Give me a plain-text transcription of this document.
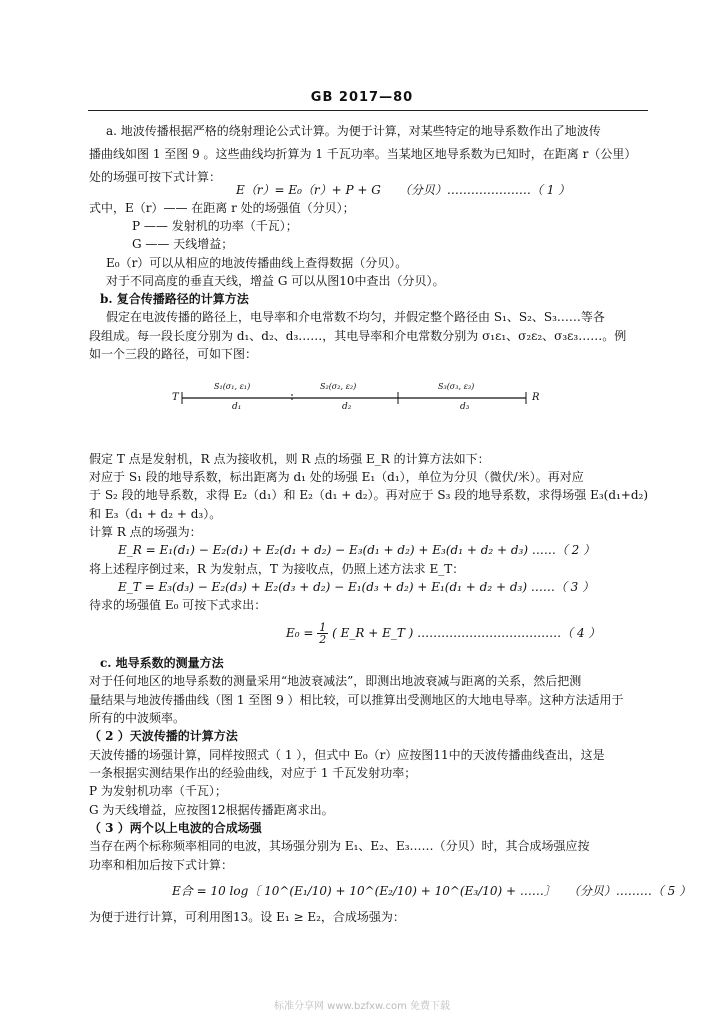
GB 2017—80
a. 地波传播根据严格的绕射理论公式计算。为便于计算，对某些特定的地导系数作出了地波传
播曲线如图 1 至图 9 。这些曲线均折算为 1 千瓦功率。当某地区地导系数为已知时，在距离 r（公里）
处的场强可按下式计算：
E（r）= E₀（r）+ P + G　　（分贝）…………………（ 1 ）
式中，E（r）—— 在距离 r 处的场强值（分贝）；
P —— 发射机的功率（千瓦）；
G —— 天线增益；
E₀（r）可以从相应的地波传播曲线上查得数据（分贝）。
对于不同高度的垂直天线，增益 G 可以从图10中查出（分贝）。
b. 复合传播路径的计算方法
假定在电波传播的路径上，电导率和介电常数不均匀，并假定整个路径由 S₁、S₂、S₃……等各
段组成。每一段长度分别为 d₁、d₂、d₃……，其电导率和介电常数分别为 σ₁ε₁、σ₂ε₂、σ₃ε₃……。例
如一个三段的路径，可如下图：
T	R
S₁(σ₁, ε₁)	S₂(σ₂, ε₂)	S₃(σ₃, ε₃)
d₁	d₂	d₃
假定 T 点是发射机，R 点为接收机，则 R 点的场强 E_R 的计算方法如下：
对应于 S₁ 段的地导系数，标出距离为 d₁ 处的场强 E₁（d₁），单位为分贝（微伏/米）。再对应
于 S₂ 段的地导系数，求得 E₂（d₁）和 E₂（d₁ + d₂）。再对应于 S₃ 段的地导系数，求得场强 E₃(d₁+d₂)
和 E₃（d₁ + d₂ + d₃）。
计算 R 点的场强为：
E_R = E₁(d₁) − E₂(d₁) + E₂(d₁ + d₂) − E₃(d₁ + d₂) + E₃(d₁ + d₂ + d₃) ……（ 2 ）
将上述程序倒过来，R 为发射点，T 为接收点，仍照上述方法求 E_T：
E_T = E₃(d₃) − E₂(d₃) + E₂(d₃ + d₂) − E₁(d₃ + d₂) + E₁(d₁ + d₂ + d₃) ……（ 3 ）
待求的场强值 E₀ 可按下式求出：
$E_0 = \frac{1}{2}$ ( E_R + E_T ) ………………………………（ 4 ）
c. 地导系数的测量方法
对于任何地区的地导系数的测量采用“地波衰减法”，即测出地波衰减与距离的关系，然后把测
量结果与地波传播曲线（图 1 至图 9 ）相比较，可以推算出受测地区的大地电导率。这种方法适用于
所有的中波频率。
（ 2 ）天波传播的计算方法
天波传播的场强计算，同样按照式（ 1 ），但式中 E₀（r）应按图11中的天波传播曲线查出，这是
一条根据实测结果作出的经验曲线，对应于 1 千瓦发射功率；
P 为发射机功率（千瓦）；
G 为天线增益，应按图12根据传播距离求出。
（ 3 ）两个以上电波的合成场强
当存在两个标称频率相同的电波，其场强分别为 E₁、E₂、E₃……（分贝）时，其合成场强应按
功率和相加后按下式计算：
E合 = 10 log〔 10^(E₁/10) + 10^(E₂/10) + 10^(E₃/10) + ……〕　　（分贝）………（ 5 ）
为便于进行计算，可利用图13。设 E₁ ≥ E₂，合成场强为：
标准分享网 www.bzfxw.com 免费下载
